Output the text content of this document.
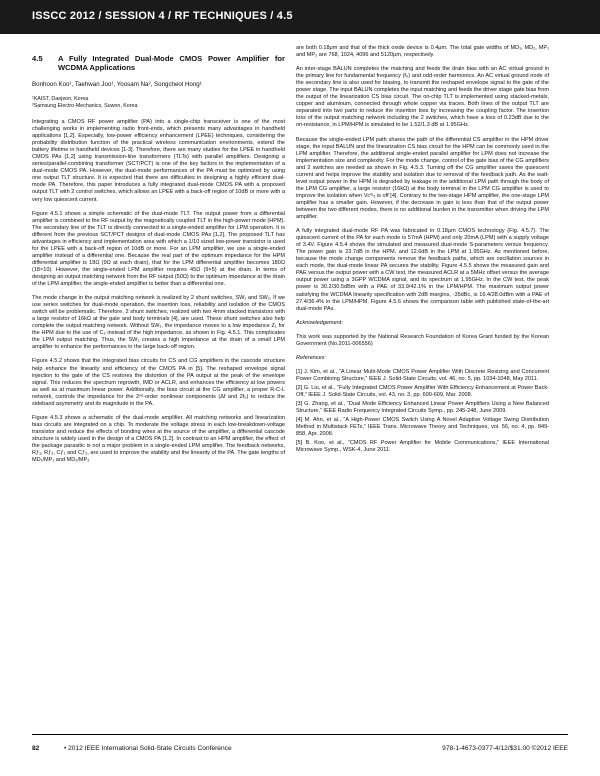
ISSCC 2012 / SESSION 4 / RF TECHNIQUES / 4.5
4.5	A Fully Integrated Dual-Mode CMOS Power Amplifier for WCDMA Applications

Bonhoon Koo¹, Taehwan Joo¹, Yoosam Na², Songcheol Hong¹

¹KAIST, Daejeon, Korea
²Samsung Electro-Mechanics, Suwon, Korea

Integrating a CMOS RF power amplifier (PA) into a single-chip transceiver is one of the most challenging works in implementing radio front-ends, which presents many advantages in handheld applications [1,2]. Especially, low-power efficiency enhancement (LPEE) techniques, considering the probability distribution function of the practical wireless communication environments, extend the battery lifetime in handheld devices [1-3]. Therefore, there are many studies for the LPEE in handheld CMOS PAs [1,2] using transmission-line transformers (TLTs) with parallel amplifiers. Designing a series/parallel-combining transformer (SCT/PCT) is one of the key factors in the implementation of a dual-mode CMOS PA. However, the dual-mode performances of the PA must be optimized by using one output TLT structure. It is expected that there are difficulties in designing a highly efficient dual-mode PA. Therefore, this paper introduces a fully integrated dual-mode CMOS PA with a proposed output TLT with 2 control switches, which allows an LPEE with a back-off region of 10dB or more with a very low quiescent current.

Figure 4.5.1 shows a simple schematic of the dual-mode TLT. The output power from a differential amplifier is combined to the RF output by the magnetically coupled TLT in the high-power mode (HPM). The secondary line of the TLT is directly connected to a single-ended amplifier for LPM operation. It is different from the previous SCT/PCT designs of dual-mode CMOS PAs [1,2]. The proposed TLT has advantages in efficiency and implementation area with which a 1/10 sized low-power transistor is used for the LPEE with a back-off region of 10dB or more. For an LPM amplifier, we use a single-ended amplifier instead of a differential one. Because the real part of the optimum impedance for the HPM differential amplifier is 18Ω (9Ω at each drain), that for the LPM differential amplifier becomes 180Ω (18×10). However, the single-ended LPM amplifier requires 45Ω (9×5) at the drain. In terms of designing an output matching network from the RF output (50Ω) to the optimum impedance at the drain of the LPM amplifier, the single-ended amplifier is better than a differential one.

The mode change in the output matching network is realized by 2 shunt switches, SW₁ and SW₂. If we use series switches for dual-mode operation, the insertion loss, reliability and isolation of the CMOS switch will be problematic. Therefore, 2 shunt switches, realized with two 4mm stacked transistors with a large resistor of 16kΩ at the gate and body terminals [4], are used. These shunt switches also help complete the output matching network. Without SW₁, the impedance moves to a low impedance Z₁ for the HPM due to the use of C₂ instead of the high impedance, as shown in Fig. 4.5.1. This complicates the LPM output matching. Thus, the SW₁ creates a high impedance at the drain of a small LPM amplifier to enhance the performances in the large back-off region.

Figure 4.5.2 shows that the integrated bias circuits for CS and CG amplifiers in the cascode structure help enhance the linearity and efficiency of the CMOS PA in [5]. The reshaped envelope signal injection to the gate of the CS restores the distortion of the PA output at the peak of the envelope signal. This reduces the spectrum regrowth, IMD or ACLR, and enhances the efficiency at low powers as well as at maximum linear power. Additionally, the bias circuit at the CG amplifier, a proper R-C-L network, controls the impedance for the 2ⁿᵈ-order nonlinear components (Δf and 2f₀) to reduce the sideband asymmetry and its magnitude in the PA.

Figure 4.5.3 shows a schematic of the dual-mode amplifier. All matching networks and linearization bias circuits are integrated on a chip. To moderate the voltage stress in each low-breakdown-voltage transistor and reduce the effects of bonding wires at the source of the amplifier, a differential cascode structure is widely used in the design of a CMOS PA [1,2]. In contrast to an HPM amplifier, the effect of the package parasitic is not a major problem in a single-ended LPM amplifier. The feedback networks, Rƒ₁, Rƒ₂, Cƒ₁ and Cƒ₂, are used to improve the stability and the linearity of the PA. The gate lengths of MD₁/MP₁ and MD₂/MP₂

are both 0.18μm and that of the thick oxide device is 0.4μm. The total gate widths of MD₁, MD₂, MP₁ and MP₂ are 768, 1024, 4096 and 5120μm, respectively.

An inter-stage BALUN completes the matching and feeds the drain bias with an AC virtual ground in the primary line for fundamental frequency (f₀) and odd-order harmonics. An AC virtual ground node of the secondary line is also used for biasing, to transmit the reshaped envelope signal to the gate of the power stage. The input BALUN completes the input matching and feeds the driver stage gate bias from the output of the linearization CS bias circuit. The on-chip TLT is implemented using stacked-metals, copper and aluminum, connected through whole copper via traces. Both lines of the output TLT are separated into two parts to reduce the insertion loss by increasing the coupling factor. The insertion loss of the output matching network including the 2 switches, which have a loss of 0.23dB due to the on-resistance, in LPM/HPM is simulated to be 1.52/1.3 dB at 1.95GHz.

Because the single-ended LPM path shares the path of the differential CS amplifier in the HPM driver stage, the input BALUN and the linearization CS bias circuit for the HPM can be commonly used in the LPM amplifier. Therefore, the additional single-ended parallel amplifier for LPM does not increase the implementation size and complexity. For the mode change, control of the gate bias of the CG amplifiers and 2 switches are needed as shown in Fig. 4.5.3. Turning off the CG amplifier saves the quiescent current and helps improve the stability and isolation due to removal of the feedback path. As the watt-level output power in the HPM is degraded by leakage in the additional LPM path through the body of the LPM CG amplifier, a large resistor (16kΩ) at the body terminal in the LPM CG amplifier is used to improve the isolation when Vᴄᴳ₃ is off [4]. Contrary to the two-stage HPM amplifier, the one-stage LPM amplifier has a smaller gain. However, if the decrease in gain is less than that of the output power between the two different modes, there is no additional burden in the transmitter when driving the LPM amplifier.

A fully integrated dual-mode RF PA was fabricated in 0.18μm CMOS technology (Fig. 4.5.7). The quiescent current of the PA for each mode is 57mA (HPM) and only 20mA (LPM) with a supply voltage of 3.4V. Figure 4.5.4 shows the simulated and measured dual-mode S-parameters versus frequency. The power gain is 23.7dB in the HPM, and 12.6dB in the LPM at 1.95GHz. As mentioned before, because the mode change components remove the feedback paths, which are oscillation sources in each mode, the dual-mode linear PA secures the stability. Figure 4.5.5 shows the measured gain and PAE versus the output power with a CW test, the measured ACLR at a 5MHz offset versus the average output power using a 3GPP WCDMA signal, and its spectrum at 1.95GHz. In the CW test, the peak power is 30.2/30.5dBm with a PAE of 33.9/42.1% in the LPM/HPM. The maximum output power satisfying the WCDMA linearity specification with 2dB margins, -35dBc, is 16.4/28.0dBm with a PAE of 27.4/36.4% in the LPM/HPM. Figure 4.5.6 shows the comparison table with published state-of-the-art dual-mode PAs.

Acknowledgement:

This work was supported by the National Research Foundation of Korea Grant funded by the Korean Government (No.2011-006556)

References:

[1] J. Kim, et al., “A Linear Multi-Mode CMOS Power Amplifier With Discrete Resizing and Concurrent Power Combining Structure,” IEEE J. Solid-State Circuits, vol. 46, no. 5, pp. 1034-1048, May 2011.

[2] G. Liu, et al., “Fully Integrated CMOS Power Amplifier With Efficiency Enhancement at Power Back-Off,” IEEE J. Solid-State Circuits, vol. 43, no. 3, pp. 600-609, Mar. 2008.

[3] G. Zhang, et al., “Dual Mode Efficiency Enhanced Linear Power Amplifiers Using a New Balanced Structure,” IEEE Radio Frequency Integrated Circuits Symp., pp. 245-248, June 2009.

[4] M. Ahn, et al., “A High-Power CMOS Switch Using A Novel Adaptive Voltage Swing Distribution Method in Multistack FETs,” IEEE Trans. Microwave Theory and Techniques, vol. 56, no. 4, pp. 849-858, Apr. 2008.

[5] B. Koo, et al., “CMOS RF Power Amplifier for Mobile Communications,” IEEE International Microwave Symp., WSK-4, June 2011.

82	• 2012 IEEE International Solid-State Circuits Conference	978-1-4673-0377-4/12/$31.00 ©2012 IEEE
